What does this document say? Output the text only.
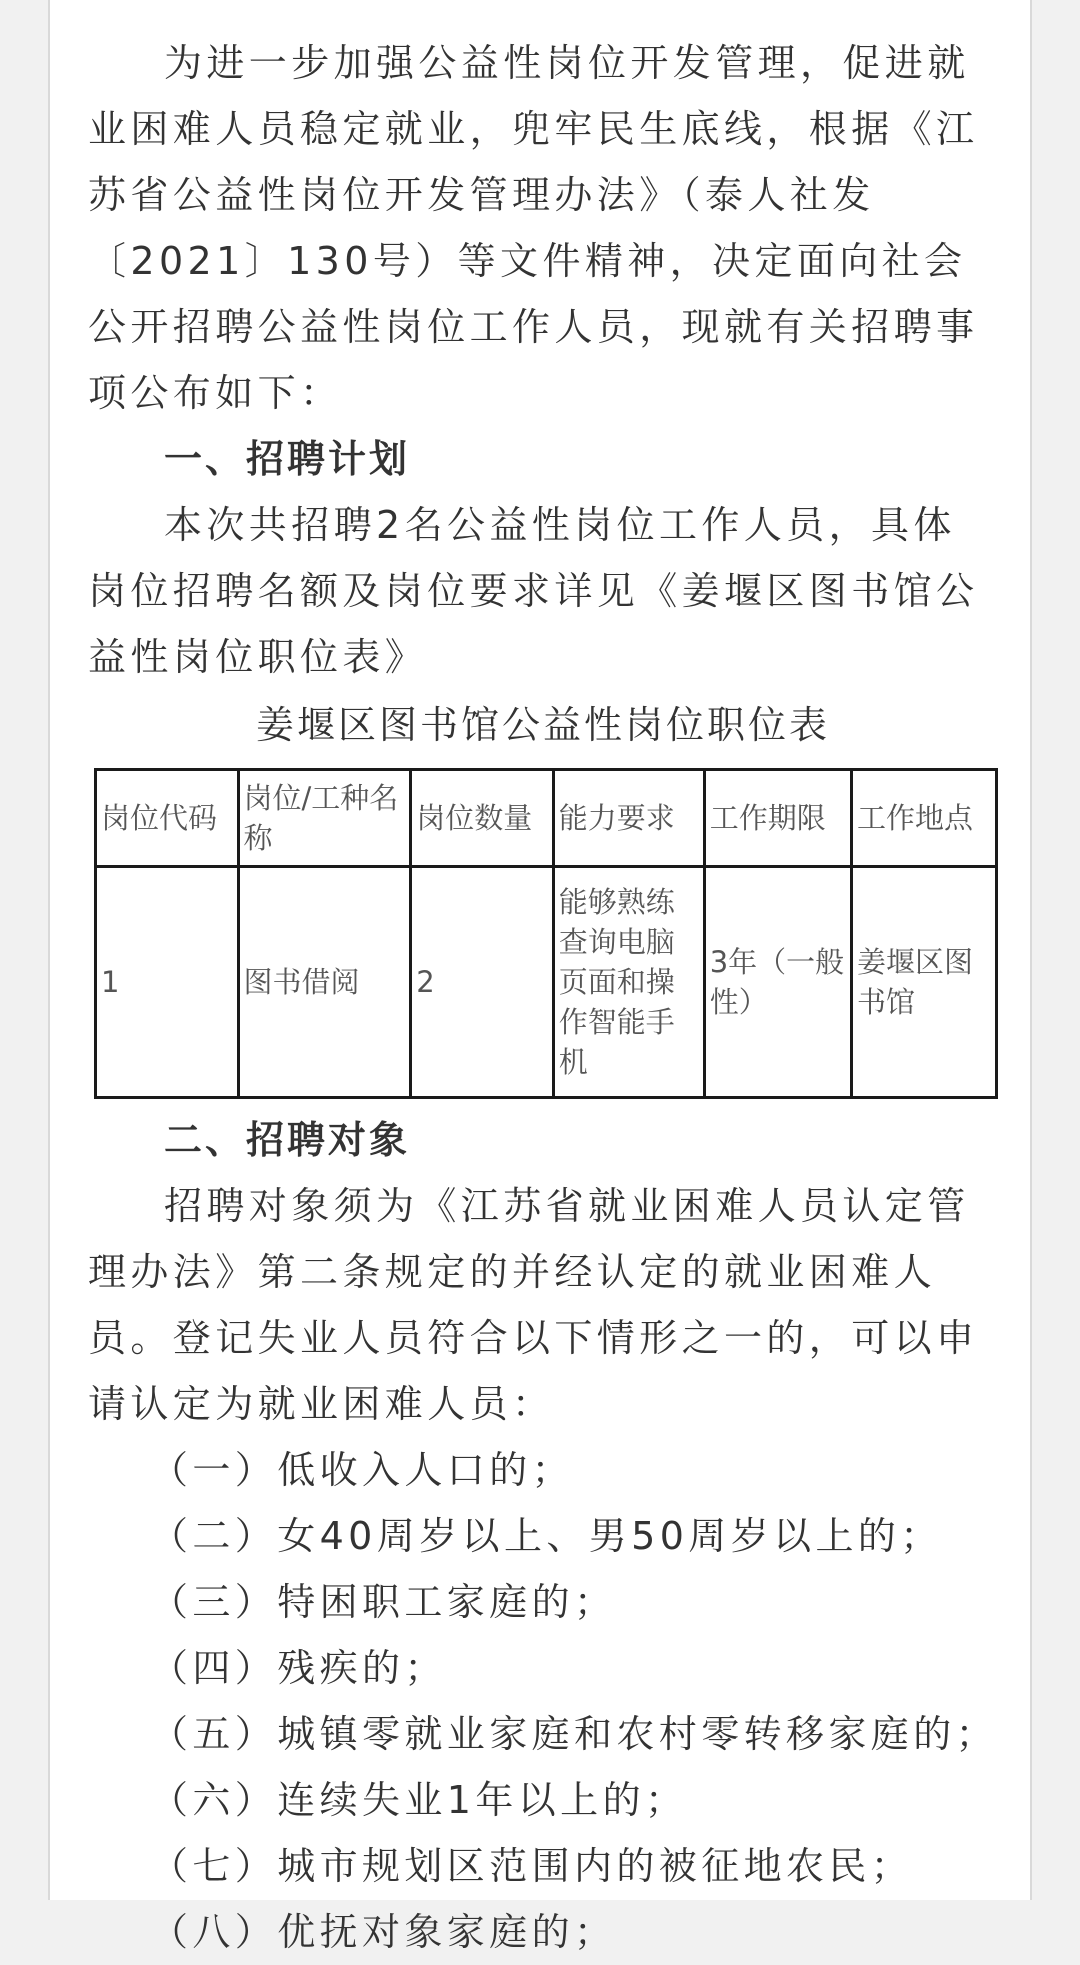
为进一步加强公益性岗位开发管理，促进就业困难人员稳定就业，兜牢民生底线，根据《江苏省公益性岗位开发管理办法》（泰人社发〔2021〕130号）等文件精神，决定面向社会公开招聘公益性岗位工作人员，现就有关招聘事项公布如下：

一、招聘计划

本次共招聘2名公益性岗位工作人员，具体岗位招聘名额及岗位要求详见《姜堰区图书馆公益性岗位职位表》

姜堰区图书馆公益性岗位职位表

岗位代码	岗位/工种名称	岗位数量	能力要求	工作期限	工作地点
1	图书借阅	2	能够熟练查询电脑页面和操作智能手机	3年（一般性）	姜堰区图书馆

二、招聘对象

招聘对象须为《江苏省就业困难人员认定管理办法》第二条规定的并经认定的就业困难人员。登记失业人员符合以下情形之一的，可以申请认定为就业困难人员：

（一）低收入人口的；

（二）女40周岁以上、男50周岁以上的；

（三）特困职工家庭的；

（四）残疾的；

（五）城镇零就业家庭和农村零转移家庭的；

（六）连续失业1年以上的；

（七）城市规划区范围内的被征地农民；

（八）优抚对象家庭的；
